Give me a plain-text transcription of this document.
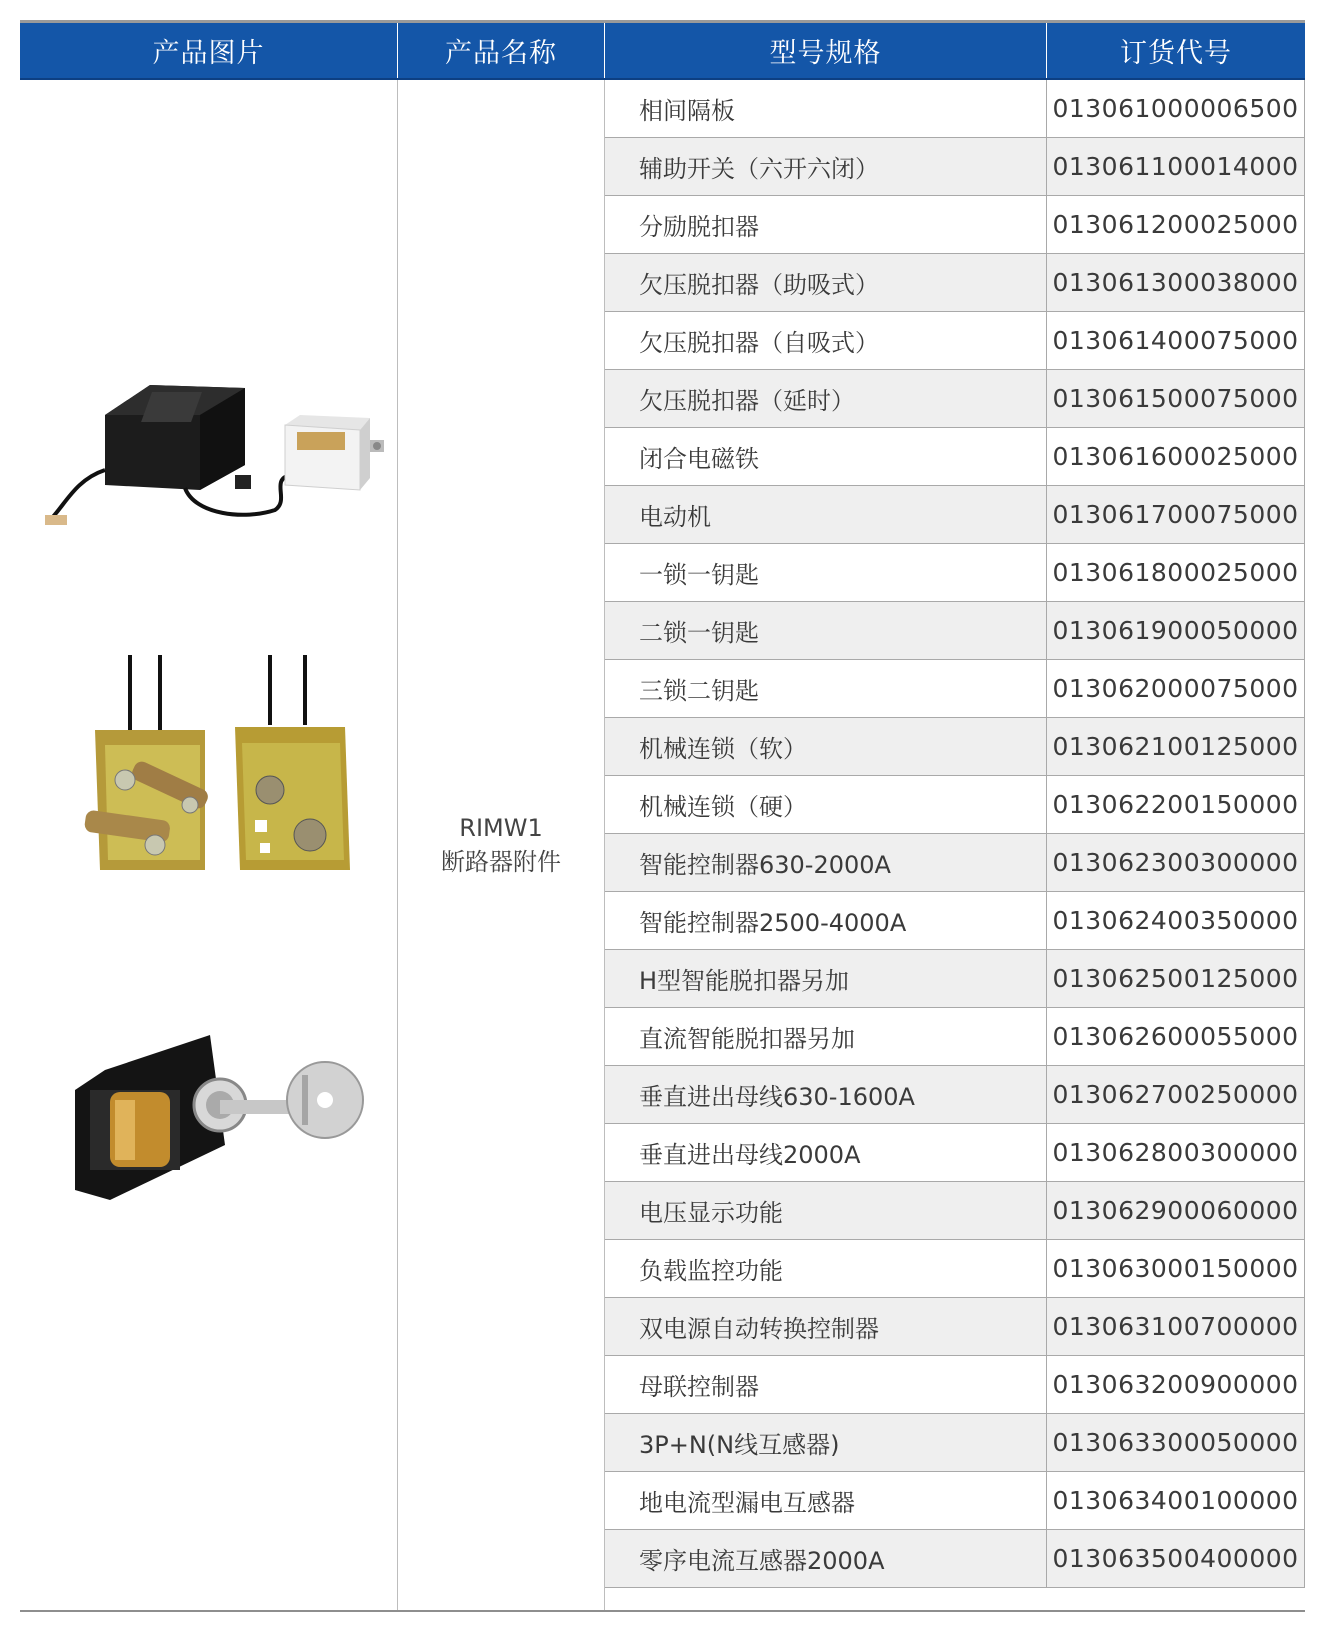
产品图片	产品名称	型号规格	订货代号
RIMW1
断路器附件
相间隔板	013061000006500
辅助开关（六开六闭）	013061100014000
分励脱扣器	013061200025000
欠压脱扣器（助吸式）	013061300038000
欠压脱扣器（自吸式）	013061400075000
欠压脱扣器（延时）	013061500075000
闭合电磁铁	013061600025000
电动机	013061700075000
一锁一钥匙	013061800025000
二锁一钥匙	013061900050000
三锁二钥匙	013062000075000
机械连锁（软）	013062100125000
机械连锁（硬）	013062200150000
智能控制器630-2000A	013062300300000
智能控制器2500-4000A	013062400350000
H型智能脱扣器另加	013062500125000
直流智能脱扣器另加	013062600055000
垂直进出母线630-1600A	013062700250000
垂直进出母线2000A	013062800300000
电压显示功能	013062900060000
负载监控功能	013063000150000
双电源自动转换控制器	013063100700000
母联控制器	013063200900000
3P+N(N线互感器)	013063300050000
地电流型漏电互感器	013063400100000
零序电流互感器2000A	013063500400000
